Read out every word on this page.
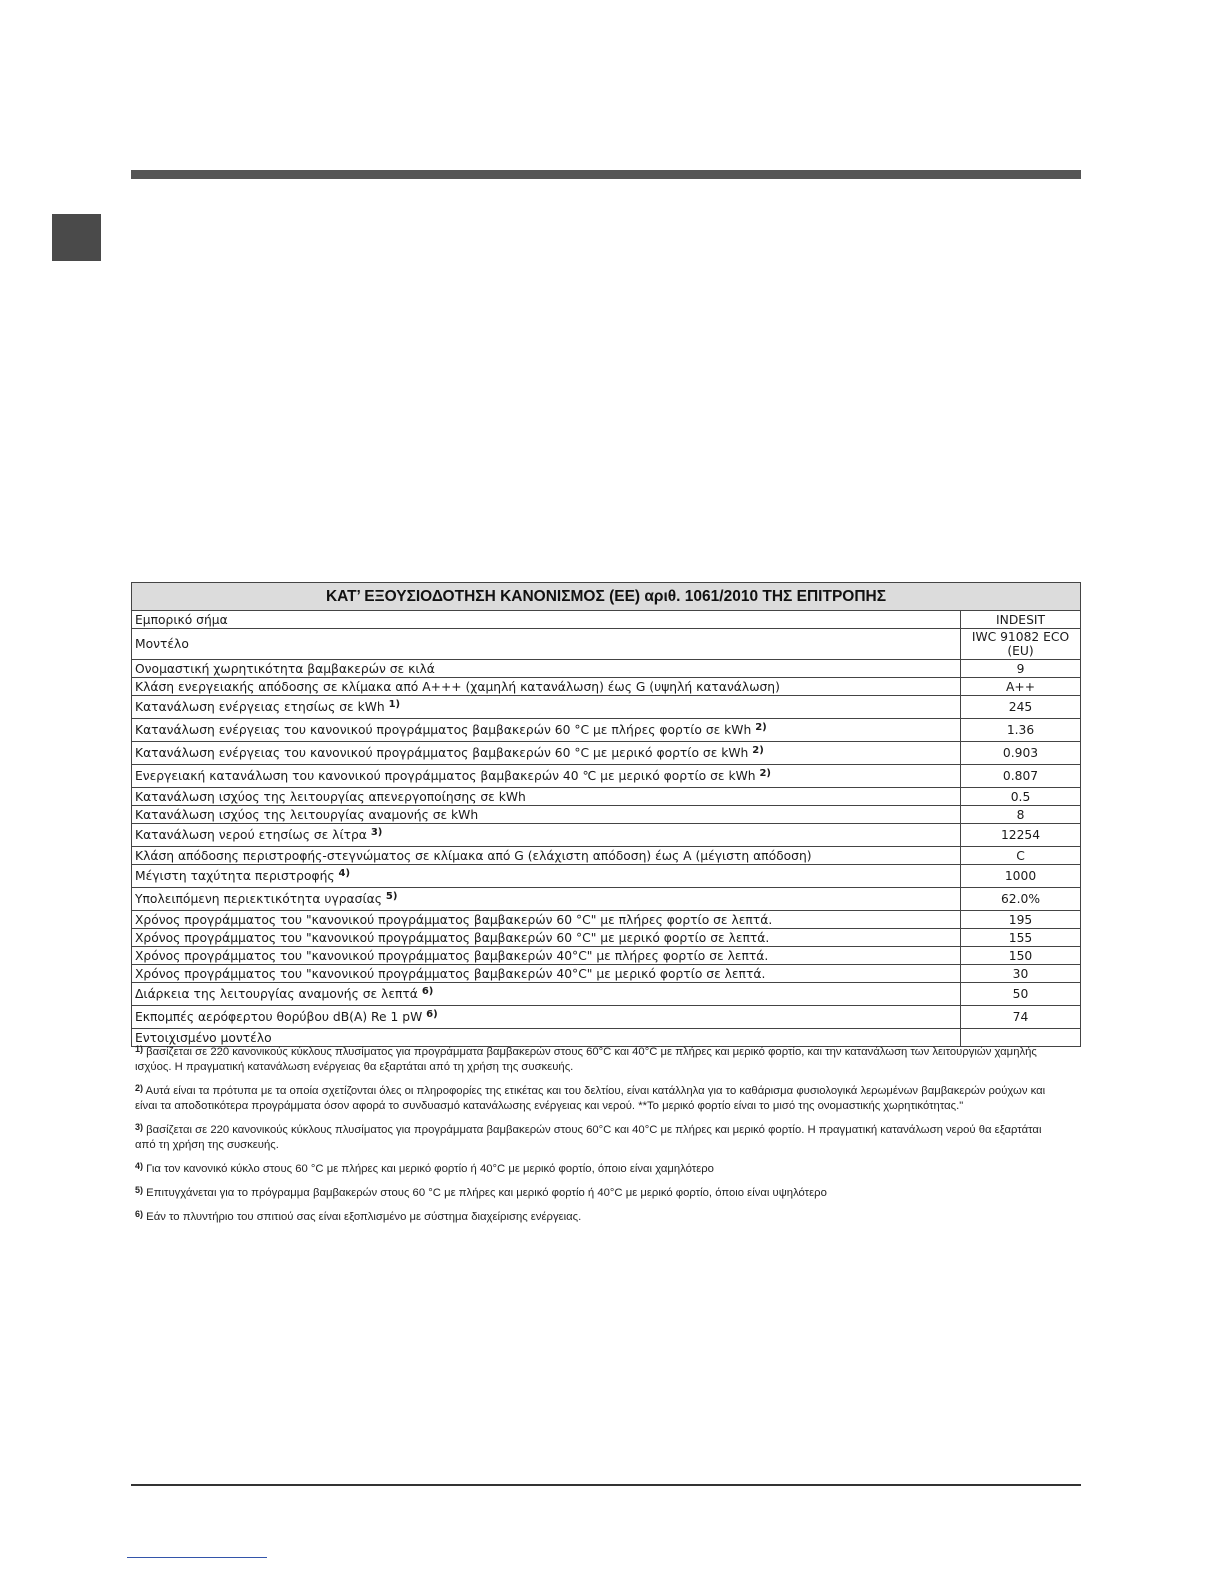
ΚΑΤ’ ΕΞΟΥΣΙΟΔΟΤΗΣΗ ΚΑΝΟΝΙΣΜΟΣ (ΕΕ) αριθ. 1061/2010 ΤΗΣ ΕΠΙΤΡΟΠΗΣ	
Εμπορικό σήμα	INDESIT
Μοντέλο	IWC 91082 ECO (EU)
Ονομαστική χωρητικότητα βαμβακερών σε κιλά	9
Κλάση ενεργειακής απόδοσης σε κλίμακα από A+++ (χαμηλή κατανάλωση) έως G (υψηλή κατανάλωση)	A++
Κατανάλωση ενέργειας ετησίως σε kWh $^{1)}$	245
Κατανάλωση ενέργειας του κανονικού προγράμματος βαμβακερών 60 °C με πλήρες φορτίο σε kWh $^{2)}$	1.36
Κατανάλωση ενέργειας του κανονικού προγράμματος βαμβακερών 60 °C με μερικό φορτίο σε kWh $^{2)}$	0.903
Ενεργειακή κατανάλωση του κανονικού προγράμματος βαμβακερών 40 ℃ με μερικό φορτίο σε kWh $^{2)}$	0.807
Κατανάλωση ισχύος της λειτουργίας απενεργοποίησης σε kWh	0.5
Κατανάλωση ισχύος της λειτουργίας αναμονής σε kWh	8
Κατανάλωση νερού ετησίως σε λίτρα $^{3)}$	12254
Κλάση απόδοσης περιστροφής-στεγνώματος σε κλίμακα από G (ελάχιστη απόδοση) έως A (μέγιστη απόδοση)	C
Μέγιστη ταχύτητα περιστροφής $^{4)}$	1000
Υπολειπόμενη περιεκτικότητα υγρασίας $^{5)}$	62.0%
Χρόνος προγράμματος του "κανονικού προγράμματος βαμβακερών 60 °C" με πλήρες φορτίο σε λεπτά.	195
Χρόνος προγράμματος του "κανονικού προγράμματος βαμβακερών 60 °C" με μερικό φορτίο σε λεπτά.	155
Χρόνος προγράμματος του "κανονικού προγράμματος βαμβακερών 40°C" με πλήρες φορτίο σε λεπτά.	150
Χρόνος προγράμματος του "κανονικού προγράμματος βαμβακερών 40°C" με μερικό φορτίο σε λεπτά.	30
Διάρκεια της λειτουργίας αναμονής σε λεπτά $^{6)}$	50
Εκπομπές αερόφερτου θορύβου dB(A) Re 1 pW $^{6)}$	74
Εντοιχισμένο μοντέλο	

$^{1)}$ βασίζεται σε 220 κανονικούς κύκλους πλυσίματος για προγράμματα βαμβακερών στους 60°C και 40°C με πλήρες και μερικό φορτίο, και την κατανάλωση των λειτουργιών χαμηλής ισχύος. Η πραγματική κατανάλωση ενέργειας θα εξαρτάται από τη χρήση της συσκευής.

$^{2)}$ Αυτά είναι τα πρότυπα με τα οποία σχετίζονται όλες οι πληροφορίες της ετικέτας και του δελτίου, είναι κατάλληλα για το καθάρισμα φυσιολογικά λερωμένων βαμβακερών ρούχων και είναι τα αποδοτικότερα προγράμματα όσον αφορά το συνδυασμό κατανάλωσης ενέργειας και νερού. **Το μερικό φορτίο είναι το μισό της ονομαστικής χωρητικότητας."

$^{3)}$ βασίζεται σε 220 κανονικούς κύκλους πλυσίματος για προγράμματα βαμβακερών στους 60°C και 40°C με πλήρες και μερικό φορτίο. Η πραγματική κατανάλωση νερού θα εξαρτάται από τη χρήση της συσκευής.

$^{4)}$ Για τον κανονικό κύκλο στους 60 °C με πλήρες και μερικό φορτίο ή 40°C με μερικό φορτίο, όποιο είναι χαμηλότερο

$^{5)}$ Επιτυγχάνεται για το πρόγραμμα βαμβακερών στους 60 °C με πλήρες και μερικό φορτίο ή 40°C με μερικό φορτίο, όποιο είναι υψηλότερο

$^{6)}$ Εάν το πλυντήριο του σπιτιού σας είναι εξοπλισμένο με σύστημα διαχείρισης ενέργειας.
